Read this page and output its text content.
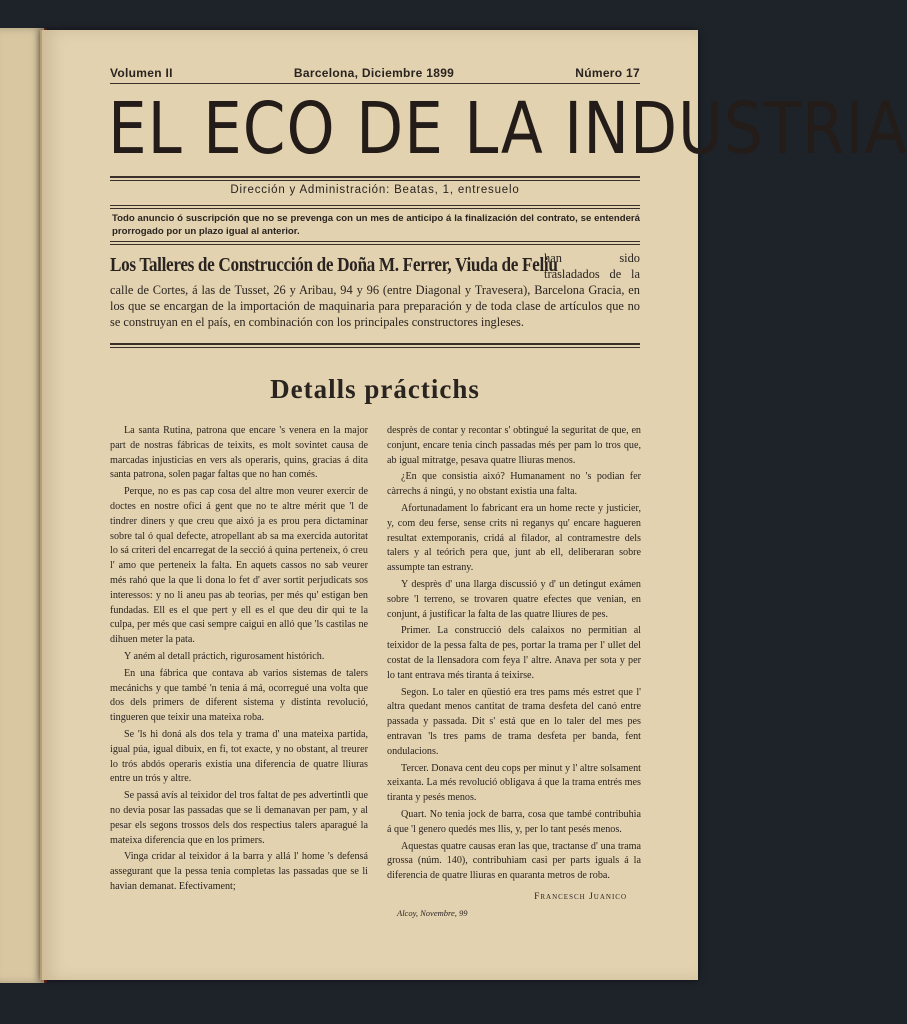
Volumen II	Barcelona, Diciembre 1899	Número 17
EL ECO DE LA INDUSTRIA
Dirección y Administración: Beatas, 1, entresuelo
Todo anuncio ó suscripción que no se prevenga con un mes de anticipo á la finalización del contrato, se entenderá prorrogado por un plazo igual al anterior.
Los Talleres de Construcción de Doña M. Ferrer, Viuda de Feliu
han sido trasladados de la calle de Cortes, á las de Tusset, 26 y Aribau, 94 y 96 (entre Diagonal y Travesera), Barcelona Gracia, en los que se encargan de la importación de maquinaria para preparación y de toda clase de artículos que no se construyan en el país, en combinación con los principales constructores ingleses.
Detalls práctichs

La santa Rutina, patrona que encare 's venera en la major part de nostras fábricas de teixits, es molt sovintet causa de marcadas injusticias en vers als operaris, quins, gracias á dita santa patrona, solen pagar faltas que no han comés.

Perque, no es pas cap cosa del altre mon veurer exercir de doctes en nostre ofici á gent que no te altre mérit que 'l de tindrer diners y que creu que aixó ja es prou pera dictaminar sobre tal ó qual defecte, atropellant ab sa ma exercida autoritat lo sá criteri del encarregat de la secció á quina perteneix, ó creu l' amo que perteneix la falta. En aquets cassos no sab veurer més rahó que la que li dona lo fet d' aver sortit perjudicats sos interessos: y no li aneu pas ab teorias, per més qu' estigan ben fundadas. Ell es el que pert y ell es el que deu dir qui te la culpa, per més que casi sempre caigui en alló que 'ls castilas ne dihuen meter la pata.

Y aném al detall práctich, rigurosament histórich.

En una fábrica que contava ab varios sistemas de talers mecánichs y que també 'n tenia á má, ocorregué una volta que dos dels primers de diferent sistema y distinta revolució, tingueren que teixir una mateixa roba.

Se 'ls hi doná als dos tela y trama d' una mateixa partida, igual púa, igual dibuix, en fi, tot exacte, y no obstant, al treurer lo trós abdós operaris existia una diferencia de quatre lliuras entre un trós y altre.

Se passá avís al teixidor del tros faltat de pes advertintli que no devia posar las passadas que se li demanavan per pam, y al pesar els segons trossos dels dos respectius talers aparagué la mateixa diferencia que en los primers.

Vinga cridar al teixidor á la barra y allá l' home 's defensá assegurant que la pessa tenia completas las passadas que se li havian demanat. Efectivament;

desprès de contar y recontar s' obtingué la seguritat de que, en conjunt, encare tenia cinch passadas més per pam lo tros que, ab igual mitratge, pesava quatre lliuras menos.

¿En que consistia aixó? Humanament no 's podian fer càrrechs á ningú, y no obstant existia una falta.

Afortunadament lo fabricant era un home recte y justicier, y, com deu ferse, sense crits ni reganys qu' encare hagueren resultat extemporanis, cridá al filador, al contramestre dels talers y al teórich pera que, junt ab ell, deliberaran sobre assumpte tan estrany.

Y desprès d' una llarga discussió y d' un detingut exámen sobre 'l terreno, se trovaren quatre efectes que venian, en conjunt, á justificar la falta de las quatre lliures de pes.

Primer. La construcció dels calaixos no permitian al teixidor de la pessa falta de pes, portar la trama per l' ullet del costat de la llensadora com feya l' altre. Anava per sota y per lo tant entrava més tiranta á teixirse.

Segon. Lo taler en qüestió era tres pams més estret que l' altra quedant menos cantitat de trama desfeta del canó entre passada y passada. Dit s' está que en lo taler del mes pes entravan 'ls tres pams de trama desfeta per banda, fent ondulacions.

Tercer. Donava cent deu cops per minut y l' altre solsament xeixanta. La més revolució obligava á que la trama entrés mes tiranta y pesés menos.

Quart. No tenia jock de barra, cosa que també contribuhia á que 'l genero quedés mes llis, y, per lo tant pesés menos.

Aquestas quatre causas eran las que, tractanse d' una trama grossa (núm. 140), contribuhiam casi per parts iguals á la diferencia de quatre lliuras en quaranta metros de roba.

Francesch Juanico
Alcoy, Novembre, 99
